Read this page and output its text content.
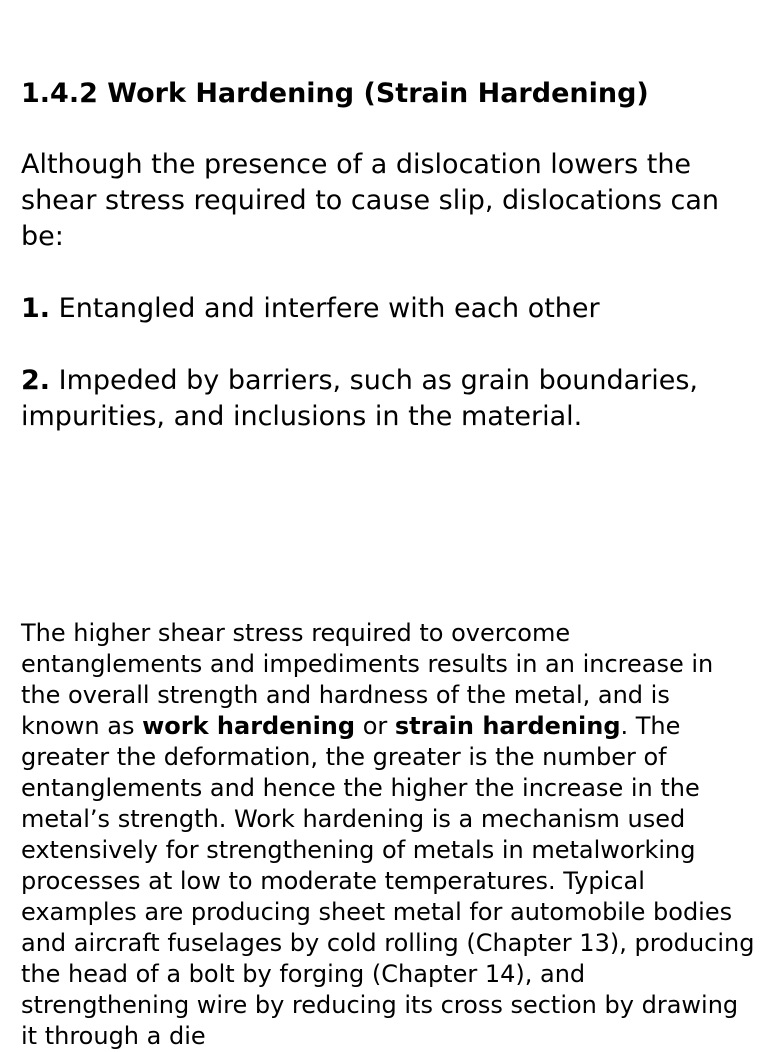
1.4.2 Work Hardening (Strain Hardening)

Although the presence of a dislocation lowers the shear stress required to cause slip, dislocations can be:

1. Entangled and interfere with each other

2. Impeded by barriers, such as grain boundaries, impurities, and inclusions in the material.

The higher shear stress required to overcome entanglements and impediments results in an increase in the overall strength and hardness of the metal, and is known as work hardening or strain hardening. The greater the deformation, the greater is the number of entanglements and hence the higher the increase in the metal’s strength. Work hardening is a mechanism used extensively for strengthening of metals in metalworking processes at low to moderate temperatures. Typical examples are producing sheet metal for automobile bodies and aircraft fuselages by cold rolling (Chapter 13), producing the head of a bolt by forging (Chapter 14), and strengthening wire by reducing its cross section by drawing it through a die
